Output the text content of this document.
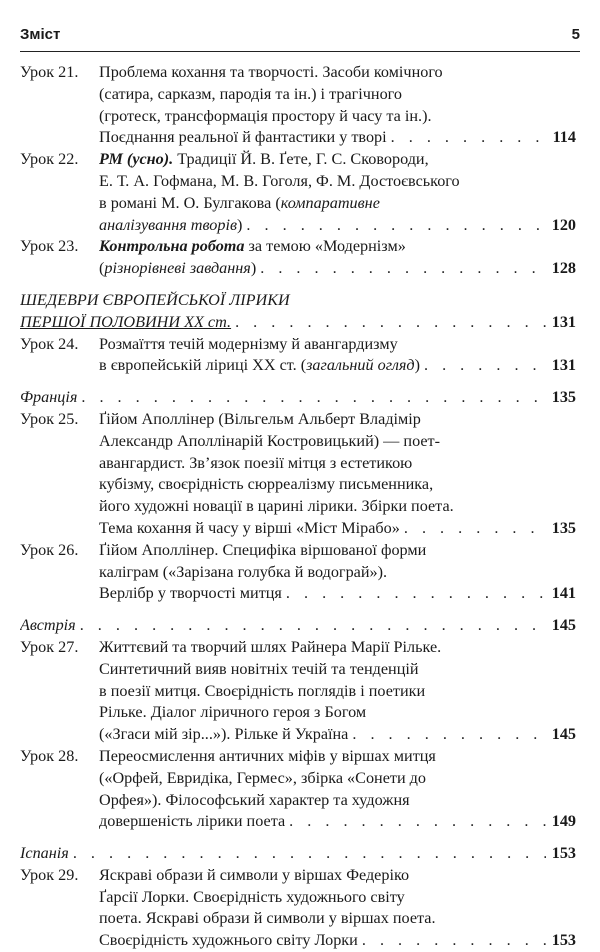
Зміст	5
Урок 21. Проблема кохання та творчості. Засоби комічного
(сатира, сарказм, пародія та ін.) і трагічного
(гротеск, трансформація простору й часу та ін.).
Поєднання реальної й фантастики у творі . . .	114
Урок 22. РМ (усно). Традиції Й. В. Ґете, Г. С. Сковороди,
Е. Т. А. Гофмана, М. В. Гоголя, Ф. М. Достоєвського
в романі М. О. Булгакова (компаративне
аналізування творів) . . .	120
Урок 23. Контрольна робота за темою «Модернізм»
(різнорівневі завдання) . . .	128
ШЕДЕВРИ ЄВРОПЕЙСЬКОЇ ЛІРИКИ
ПЕРШОЇ ПОЛОВИНИ XX ст. . . .	131
Урок 24. Розмаїття течій модернізму й авангардизму
в європейській ліриці XX ст. (загальний огляд) . . .	131
Франція . . .	135
Урок 25. Ґійом Аполлінер (Вільгельм Альберт Владімір
Александр Аполлінарій Костровицький) — поет-
авангардист. Зв’язок поезії мітця з естетикою
кубізму, своєрідність сюрреалізму письменника,
його художні новації в царині лірики. Збірки поета.
Тема кохання й часу у вірші «Міст Мірабо» . . .	135
Урок 26. Ґійом Аполлінер. Специфіка віршованої форми
каліграм («Зарізана голубка й водограй»).
Верлібр у творчості митця . . .	141
Австрія . . .	145
Урок 27. Життєвий та творчий шлях Райнера Марії Рільке.
Синтетичний вияв новітніх течій та тенденцій
в поезії митця. Своєрідність поглядів і поетики
Рільке. Діалог ліричного героя з Богом
(«Згаси мій зір...»). Рільке й Україна . . .	145
Урок 28. Переосмислення античних міфів у віршах митця
(«Орфей, Евридіка, Гермес», збірка «Сонети до
Орфея»). Філософський характер та художня
довершеність лірики поета . . .	149
Іспанія . . .	153
Урок 29. Яскраві образи й символи у віршах Федеріко
Ґарсії Лорки. Своєрідність художнього світу
поета. Яскраві образи й символи у віршах поета.
Своєрідність художнього світу Лорки . . .	153
